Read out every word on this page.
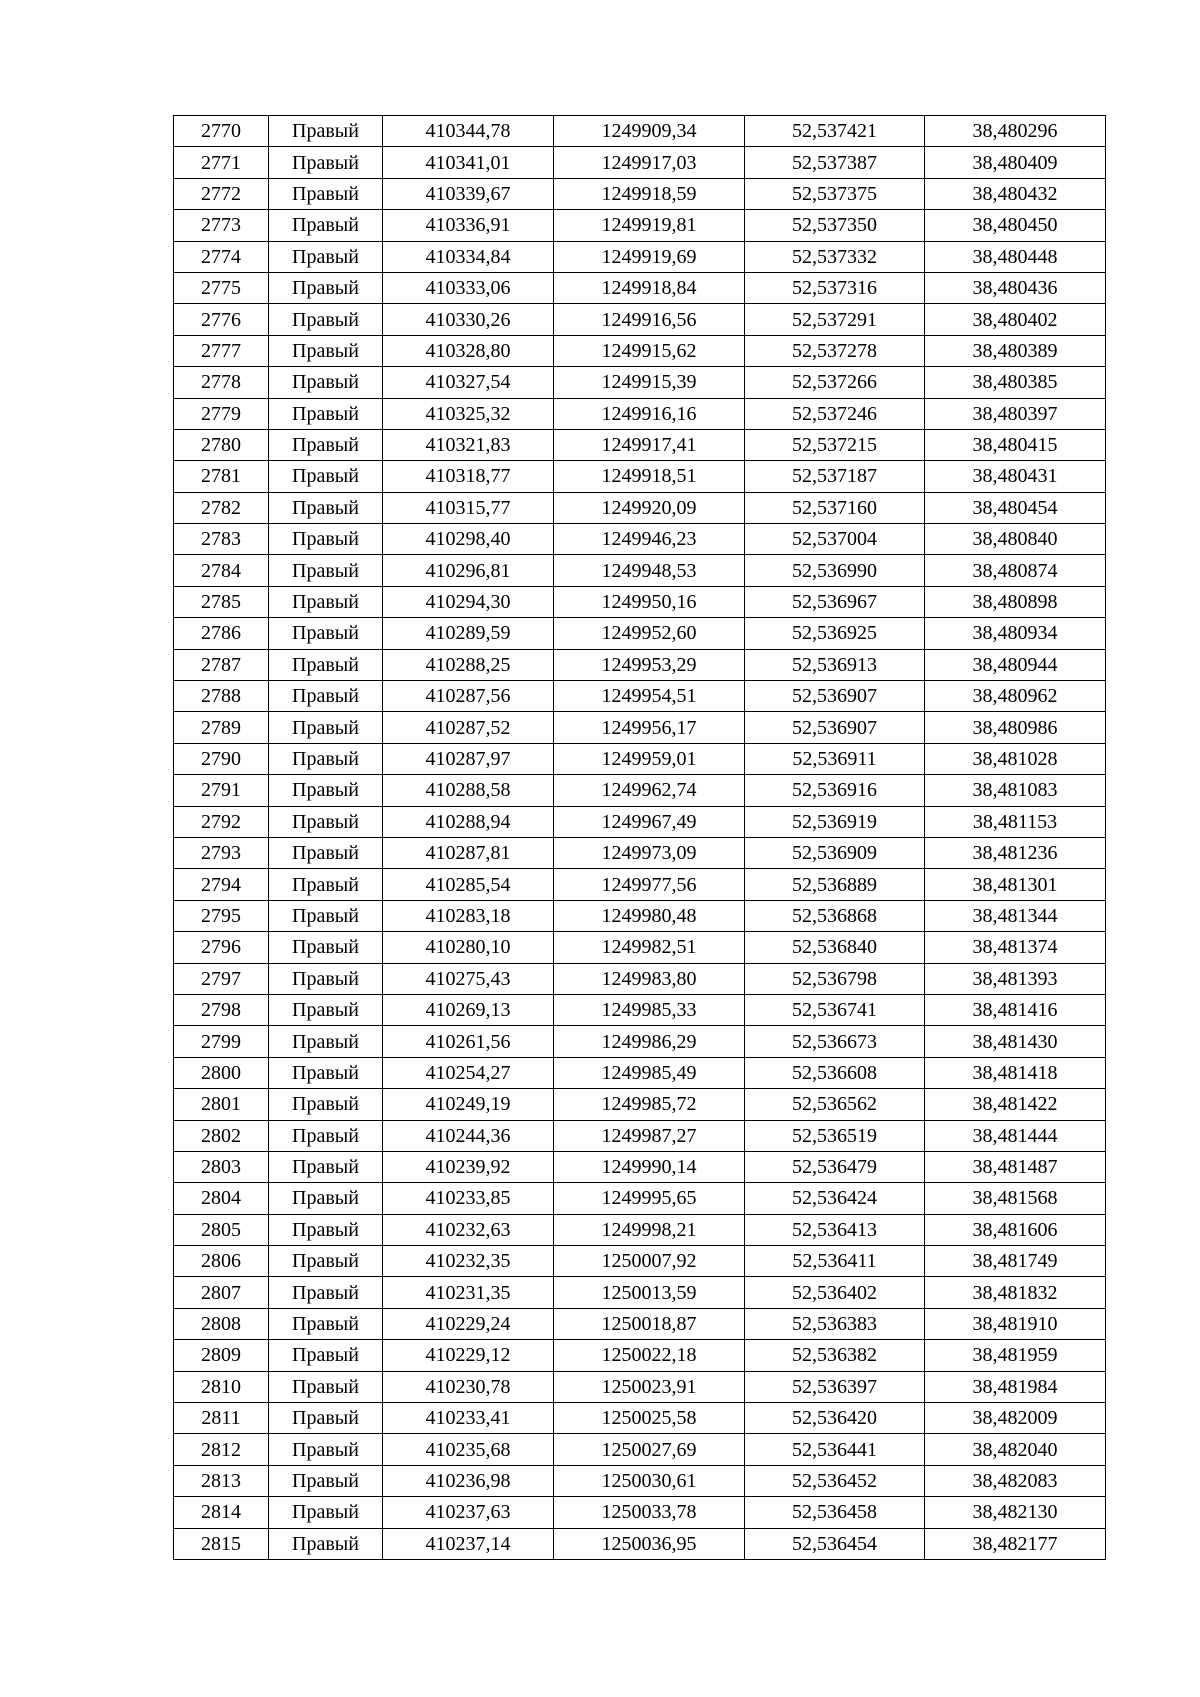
2770	Правый	410344,78	1249909,34	52,537421	38,480296
2771	Правый	410341,01	1249917,03	52,537387	38,480409
2772	Правый	410339,67	1249918,59	52,537375	38,480432
2773	Правый	410336,91	1249919,81	52,537350	38,480450
2774	Правый	410334,84	1249919,69	52,537332	38,480448
2775	Правый	410333,06	1249918,84	52,537316	38,480436
2776	Правый	410330,26	1249916,56	52,537291	38,480402
2777	Правый	410328,80	1249915,62	52,537278	38,480389
2778	Правый	410327,54	1249915,39	52,537266	38,480385
2779	Правый	410325,32	1249916,16	52,537246	38,480397
2780	Правый	410321,83	1249917,41	52,537215	38,480415
2781	Правый	410318,77	1249918,51	52,537187	38,480431
2782	Правый	410315,77	1249920,09	52,537160	38,480454
2783	Правый	410298,40	1249946,23	52,537004	38,480840
2784	Правый	410296,81	1249948,53	52,536990	38,480874
2785	Правый	410294,30	1249950,16	52,536967	38,480898
2786	Правый	410289,59	1249952,60	52,536925	38,480934
2787	Правый	410288,25	1249953,29	52,536913	38,480944
2788	Правый	410287,56	1249954,51	52,536907	38,480962
2789	Правый	410287,52	1249956,17	52,536907	38,480986
2790	Правый	410287,97	1249959,01	52,536911	38,481028
2791	Правый	410288,58	1249962,74	52,536916	38,481083
2792	Правый	410288,94	1249967,49	52,536919	38,481153
2793	Правый	410287,81	1249973,09	52,536909	38,481236
2794	Правый	410285,54	1249977,56	52,536889	38,481301
2795	Правый	410283,18	1249980,48	52,536868	38,481344
2796	Правый	410280,10	1249982,51	52,536840	38,481374
2797	Правый	410275,43	1249983,80	52,536798	38,481393
2798	Правый	410269,13	1249985,33	52,536741	38,481416
2799	Правый	410261,56	1249986,29	52,536673	38,481430
2800	Правый	410254,27	1249985,49	52,536608	38,481418
2801	Правый	410249,19	1249985,72	52,536562	38,481422
2802	Правый	410244,36	1249987,27	52,536519	38,481444
2803	Правый	410239,92	1249990,14	52,536479	38,481487
2804	Правый	410233,85	1249995,65	52,536424	38,481568
2805	Правый	410232,63	1249998,21	52,536413	38,481606
2806	Правый	410232,35	1250007,92	52,536411	38,481749
2807	Правый	410231,35	1250013,59	52,536402	38,481832
2808	Правый	410229,24	1250018,87	52,536383	38,481910
2809	Правый	410229,12	1250022,18	52,536382	38,481959
2810	Правый	410230,78	1250023,91	52,536397	38,481984
2811	Правый	410233,41	1250025,58	52,536420	38,482009
2812	Правый	410235,68	1250027,69	52,536441	38,482040
2813	Правый	410236,98	1250030,61	52,536452	38,482083
2814	Правый	410237,63	1250033,78	52,536458	38,482130
2815	Правый	410237,14	1250036,95	52,536454	38,482177
